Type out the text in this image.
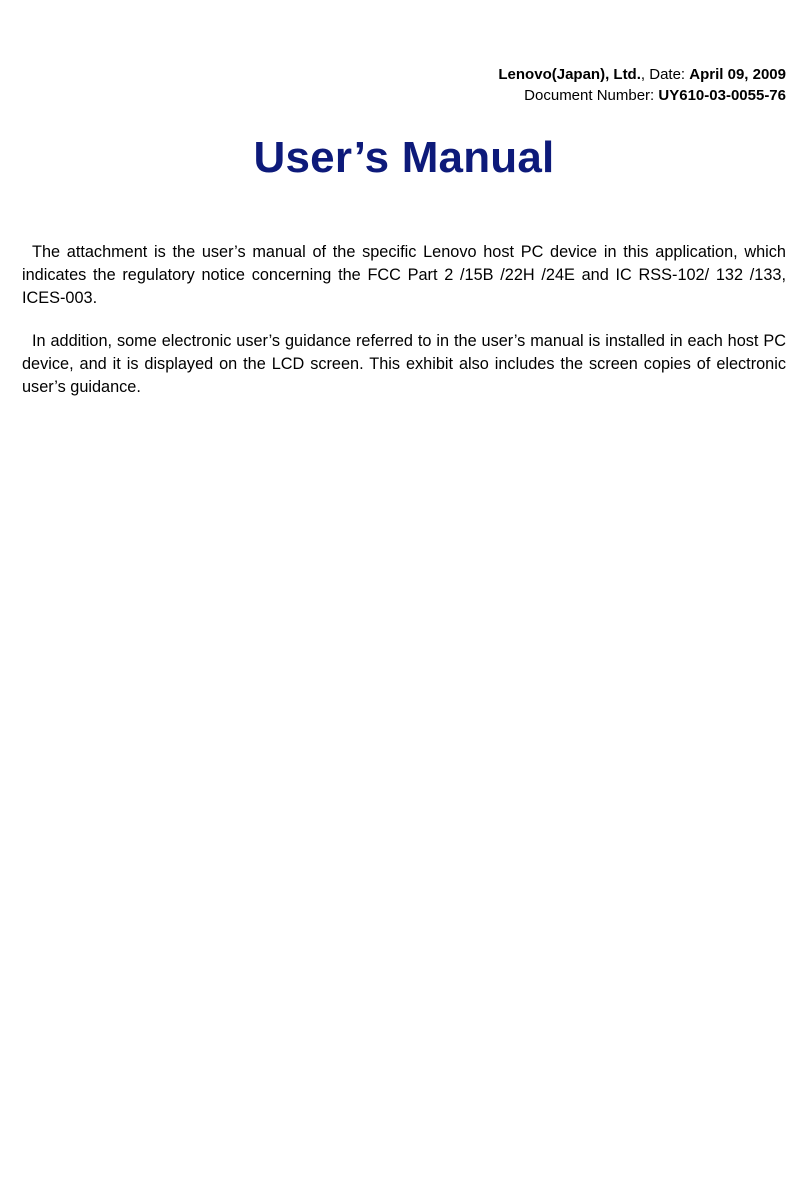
Lenovo(Japan), Ltd., Date: April 09, 2009
Document Number: UY610-03-0055-76
User’s Manual

The attachment is the user’s manual of the specific Lenovo host PC device in this application, which indicates the regulatory notice concerning the FCC Part 2 /15B /22H /24E and IC RSS-102/ 132 /133, ICES-003.

In addition, some electronic user’s guidance referred to in the user’s manual is installed in each host PC device, and it is displayed on the LCD screen. This exhibit also includes the screen copies of electronic user’s guidance.
